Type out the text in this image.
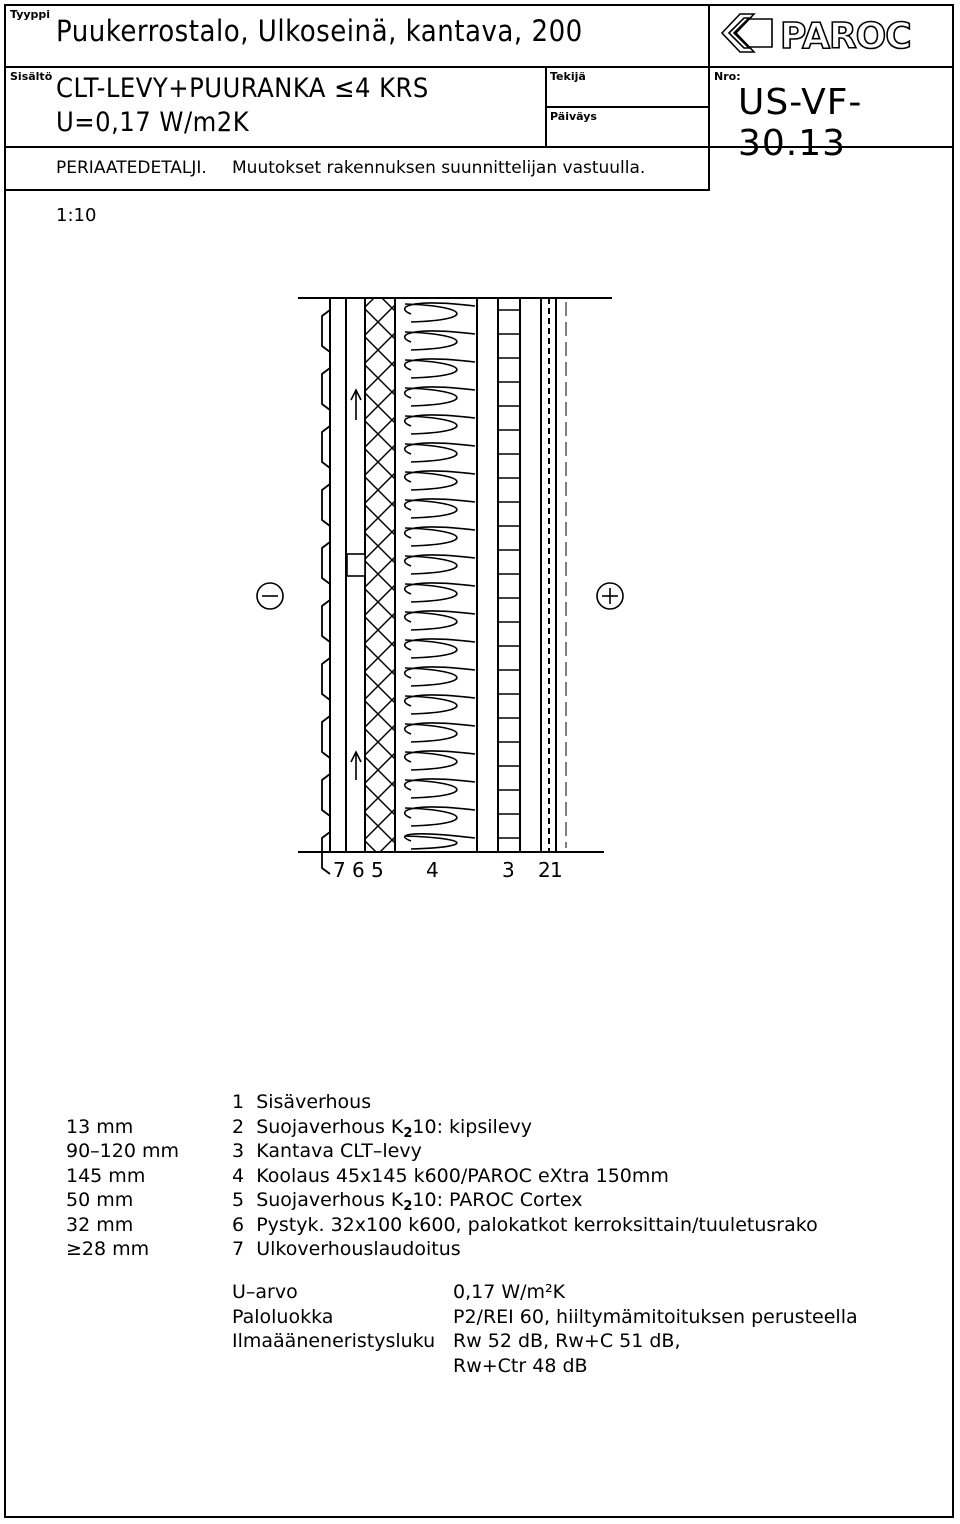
Tyyppi Puukerrostalo, Ulkoseinä, kantava, 200	PAROC
Sisältö CLT-LEVY+PUURANKA ≤4 KRS
U=0,17 W/m2K
Tekijä
Päiväys
Nro:
US-VF-30.13
PERIAATEDETALJI. Muutokset rakennuksen suunnittelijan vastuulla.
1:10
7 6 5 4	3 2 1
13 mm
90–120 mm
145 mm
50 mm
32 mm
≥28 mm
1 Sisäverhous
2 Suojaverhous $K_210$: kipsilevy
3 Kantava CLT–levy
4 Koolaus 45x145 k600/PAROC eXtra 150mm
5 Suojaverhous $K_210$: PAROC Cortex
6 Pystyk. 32x100 k600, palokatkot kerroksittain/tuuletusrako
7 Ulkoverhouslaudoitus
U–arvo
Paloluokka
Ilmaääneneristysluku
0,17 W/m²K
P2/REI 60, hiiltymämitoituksen perusteella
Rw 52 dB, Rw+C 51 dB,
Rw+Ctr 48 dB
